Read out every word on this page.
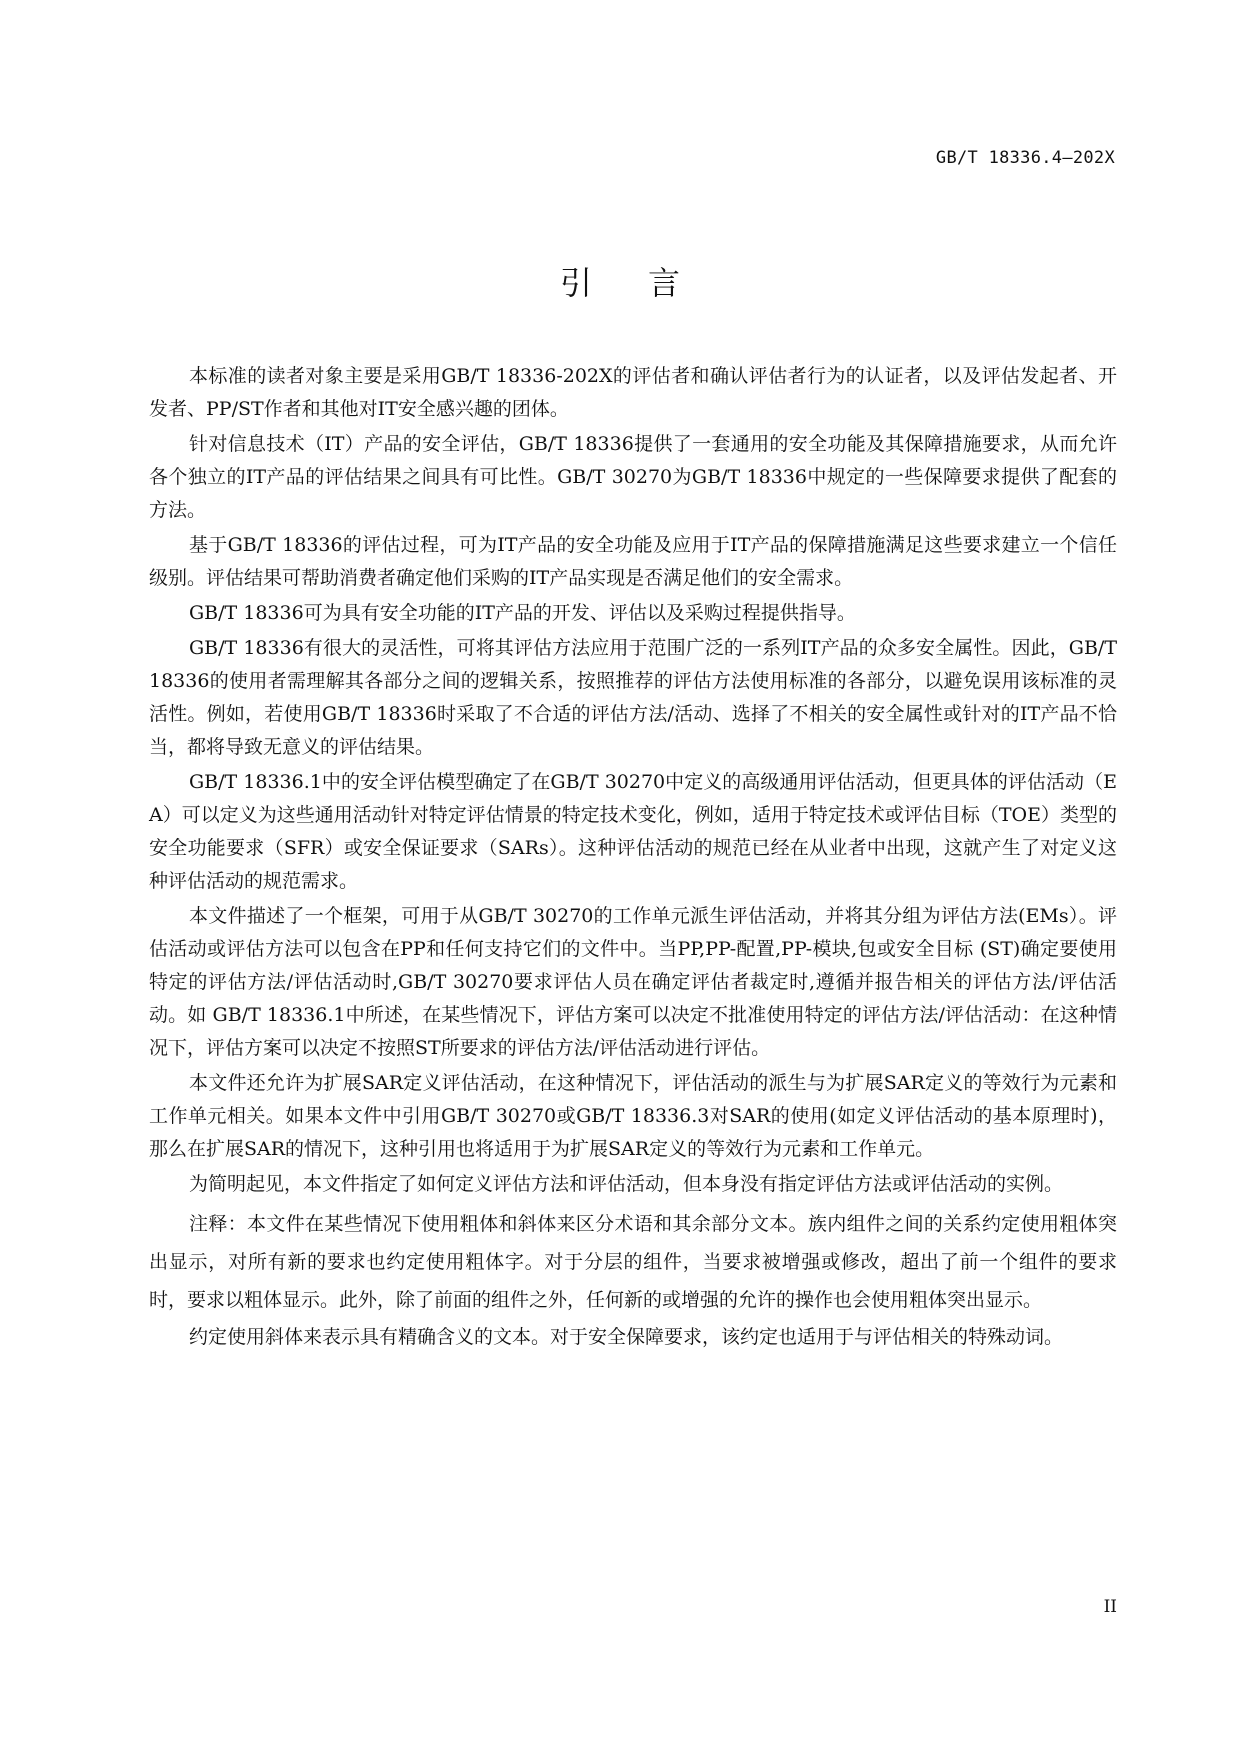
GB/T 18336.4—202X

引言

本标准的读者对象主要是采用GB/T 18336-202X的评估者和确认评估者行为的认证者，以及评估发起者、开发者、PP/ST作者和其他对IT安全感兴趣的团体。

针对信息技术（IT）产品的安全评估，GB/T 18336提供了一套通用的安全功能及其保障措施要求，从而允许各个独立的IT产品的评估结果之间具有可比性。GB/T 30270为GB/T 18336中规定的一些保障要求提供了配套的方法。

基于GB/T 18336的评估过程，可为IT产品的安全功能及应用于IT产品的保障措施满足这些要求建立一个信任级别。评估结果可帮助消费者确定他们采购的IT产品实现是否满足他们的安全需求。

GB/T 18336可为具有安全功能的IT产品的开发、评估以及采购过程提供指导。

GB/T 18336有很大的灵活性，可将其评估方法应用于范围广泛的一系列IT产品的众多安全属性。因此，GB/T 18336的使用者需理解其各部分之间的逻辑关系，按照推荐的评估方法使用标准的各部分，以避免误用该标准的灵活性。例如，若使用GB/T 18336时采取了不合适的评估方法/活动、选择了不相关的安全属性或针对的IT产品不恰当，都将导致无意义的评估结果。

GB/T 18336.1中的安全评估模型确定了在GB/T 30270中定义的高级通用评估活动，但更具体的评估活动（EA）可以定义为这些通用活动针对特定评估情景的特定技术变化，例如，适用于特定技术或评估目标（TOE）类型的安全功能要求（SFR）或安全保证要求（SARs）。这种评估活动的规范已经在从业者中出现，这就产生了对定义这种评估活动的规范需求。

本文件描述了一个框架，可用于从GB/T 30270的工作单元派生评估活动，并将其分组为评估方法(EMs）。评估活动或评估方法可以包含在PP和任何支持它们的文件中。当PP,PP-配置,PP-模块,包或安全目标 (ST)确定要使用特定的评估方法/评估活动时,GB/T 30270要求评估人员在确定评估者裁定时,遵循并报告相关的评估方法/评估活动。如 GB/T 18336.1中所述，在某些情况下，评估方案可以决定不批准使用特定的评估方法/评估活动：在这种情况下，评估方案可以决定不按照ST所要求的评估方法/评估活动进行评估。

本文件还允许为扩展SAR定义评估活动，在这种情况下，评估活动的派生与为扩展SAR定义的等效行为元素和工作单元相关。如果本文件中引用GB/T 30270或GB/T 18336.3对SAR的使用(如定义评估活动的基本原理时)，那么在扩展SAR的情况下，这种引用也将适用于为扩展SAR定义的等效行为元素和工作单元。

为简明起见，本文件指定了如何定义评估方法和评估活动，但本身没有指定评估方法或评估活动的实例。

注释：本文件在某些情况下使用粗体和斜体来区分术语和其余部分文本。族内组件之间的关系约定使用粗体突出显示，对所有新的要求也约定使用粗体字。对于分层的组件，当要求被增强或修改，超出了前一个组件的要求时，要求以粗体显示。此外，除了前面的组件之外，任何新的或增强的允许的操作也会使用粗体突出显示。

约定使用斜体来表示具有精确含义的文本。对于安全保障要求，该约定也适用于与评估相关的特殊动词。

II
